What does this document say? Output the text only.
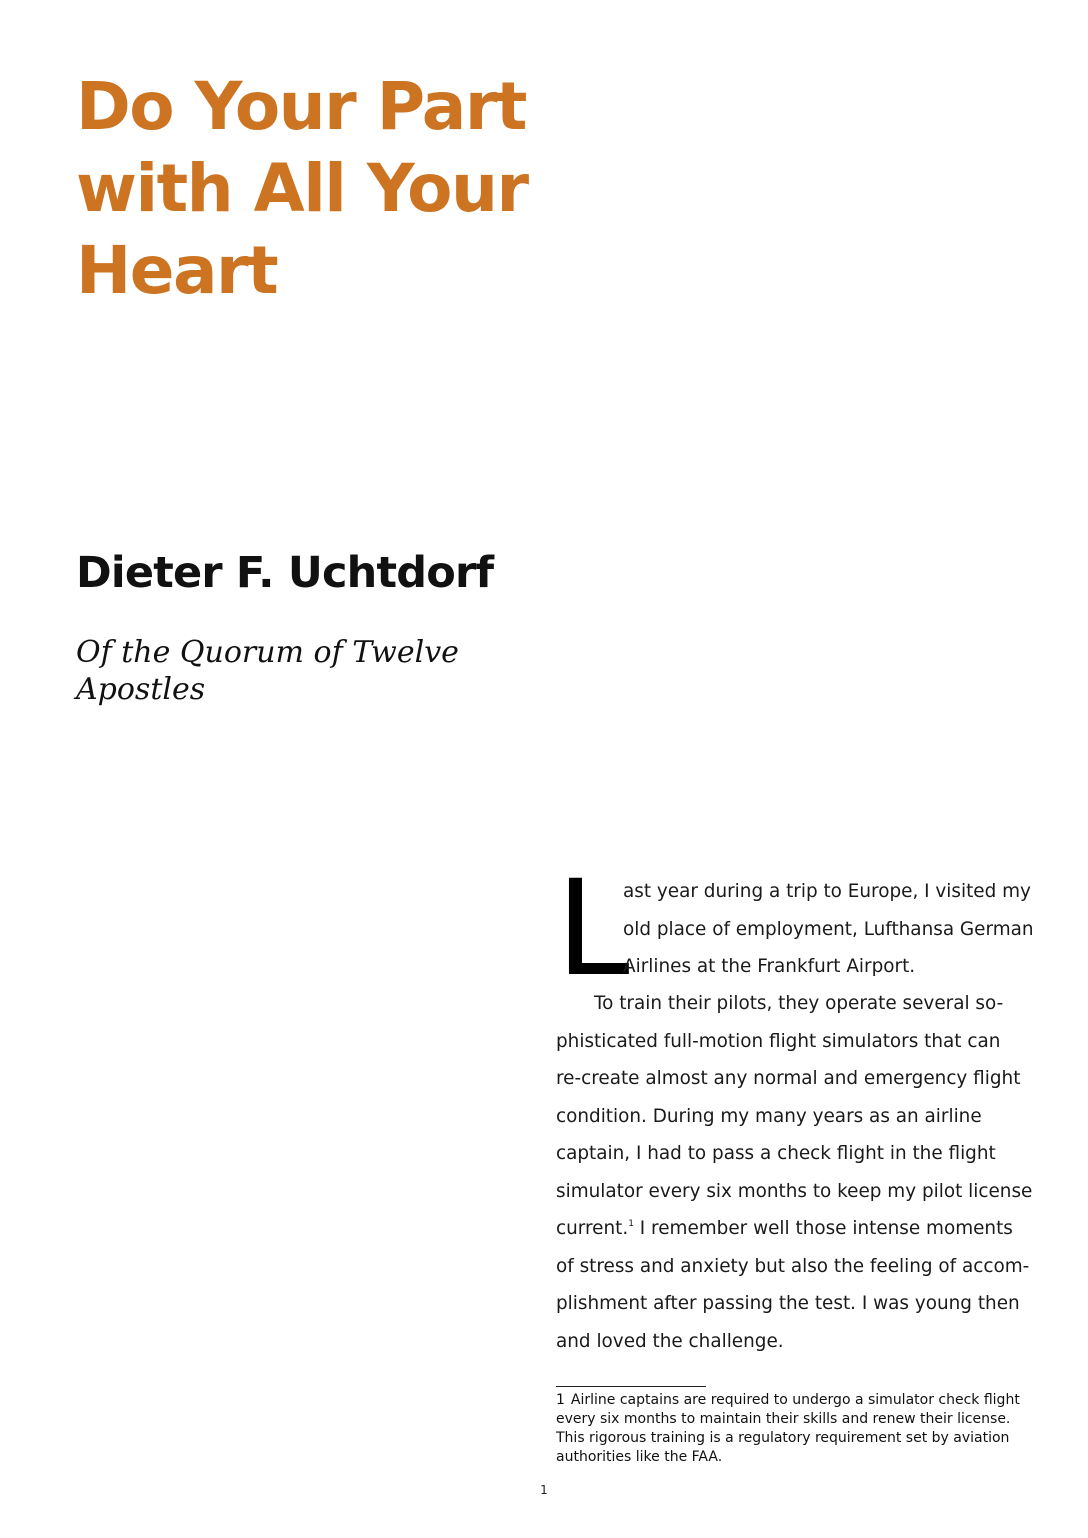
Do Your Part
with All Your
Heart
Dieter F. Uchtdorf

Of the Quorum of Twelve
Apostles

L
ast year during a trip to Europe, I visited my
old place of employment, Lufthansa German
Airlines at the Frankfurt Airport.
To train their pilots, they operate several so-
phisticated full-motion flight simulators that can
re-create almost any normal and emergency flight
condition. During my many years as an airline
captain, I had to pass a check flight in the flight
simulator every six months to keep my pilot license
current.$^1$ I remember well those intense moments
of stress and anxiety but also the feeling of accom-
plishment after passing the test. I was young then
and loved the challenge.
1 Airline captains are required to undergo a simulator check flight
every six months to maintain their skills and renew their license.
This rigorous training is a regulatory requirement set by aviation
authorities like the FAA.
1
